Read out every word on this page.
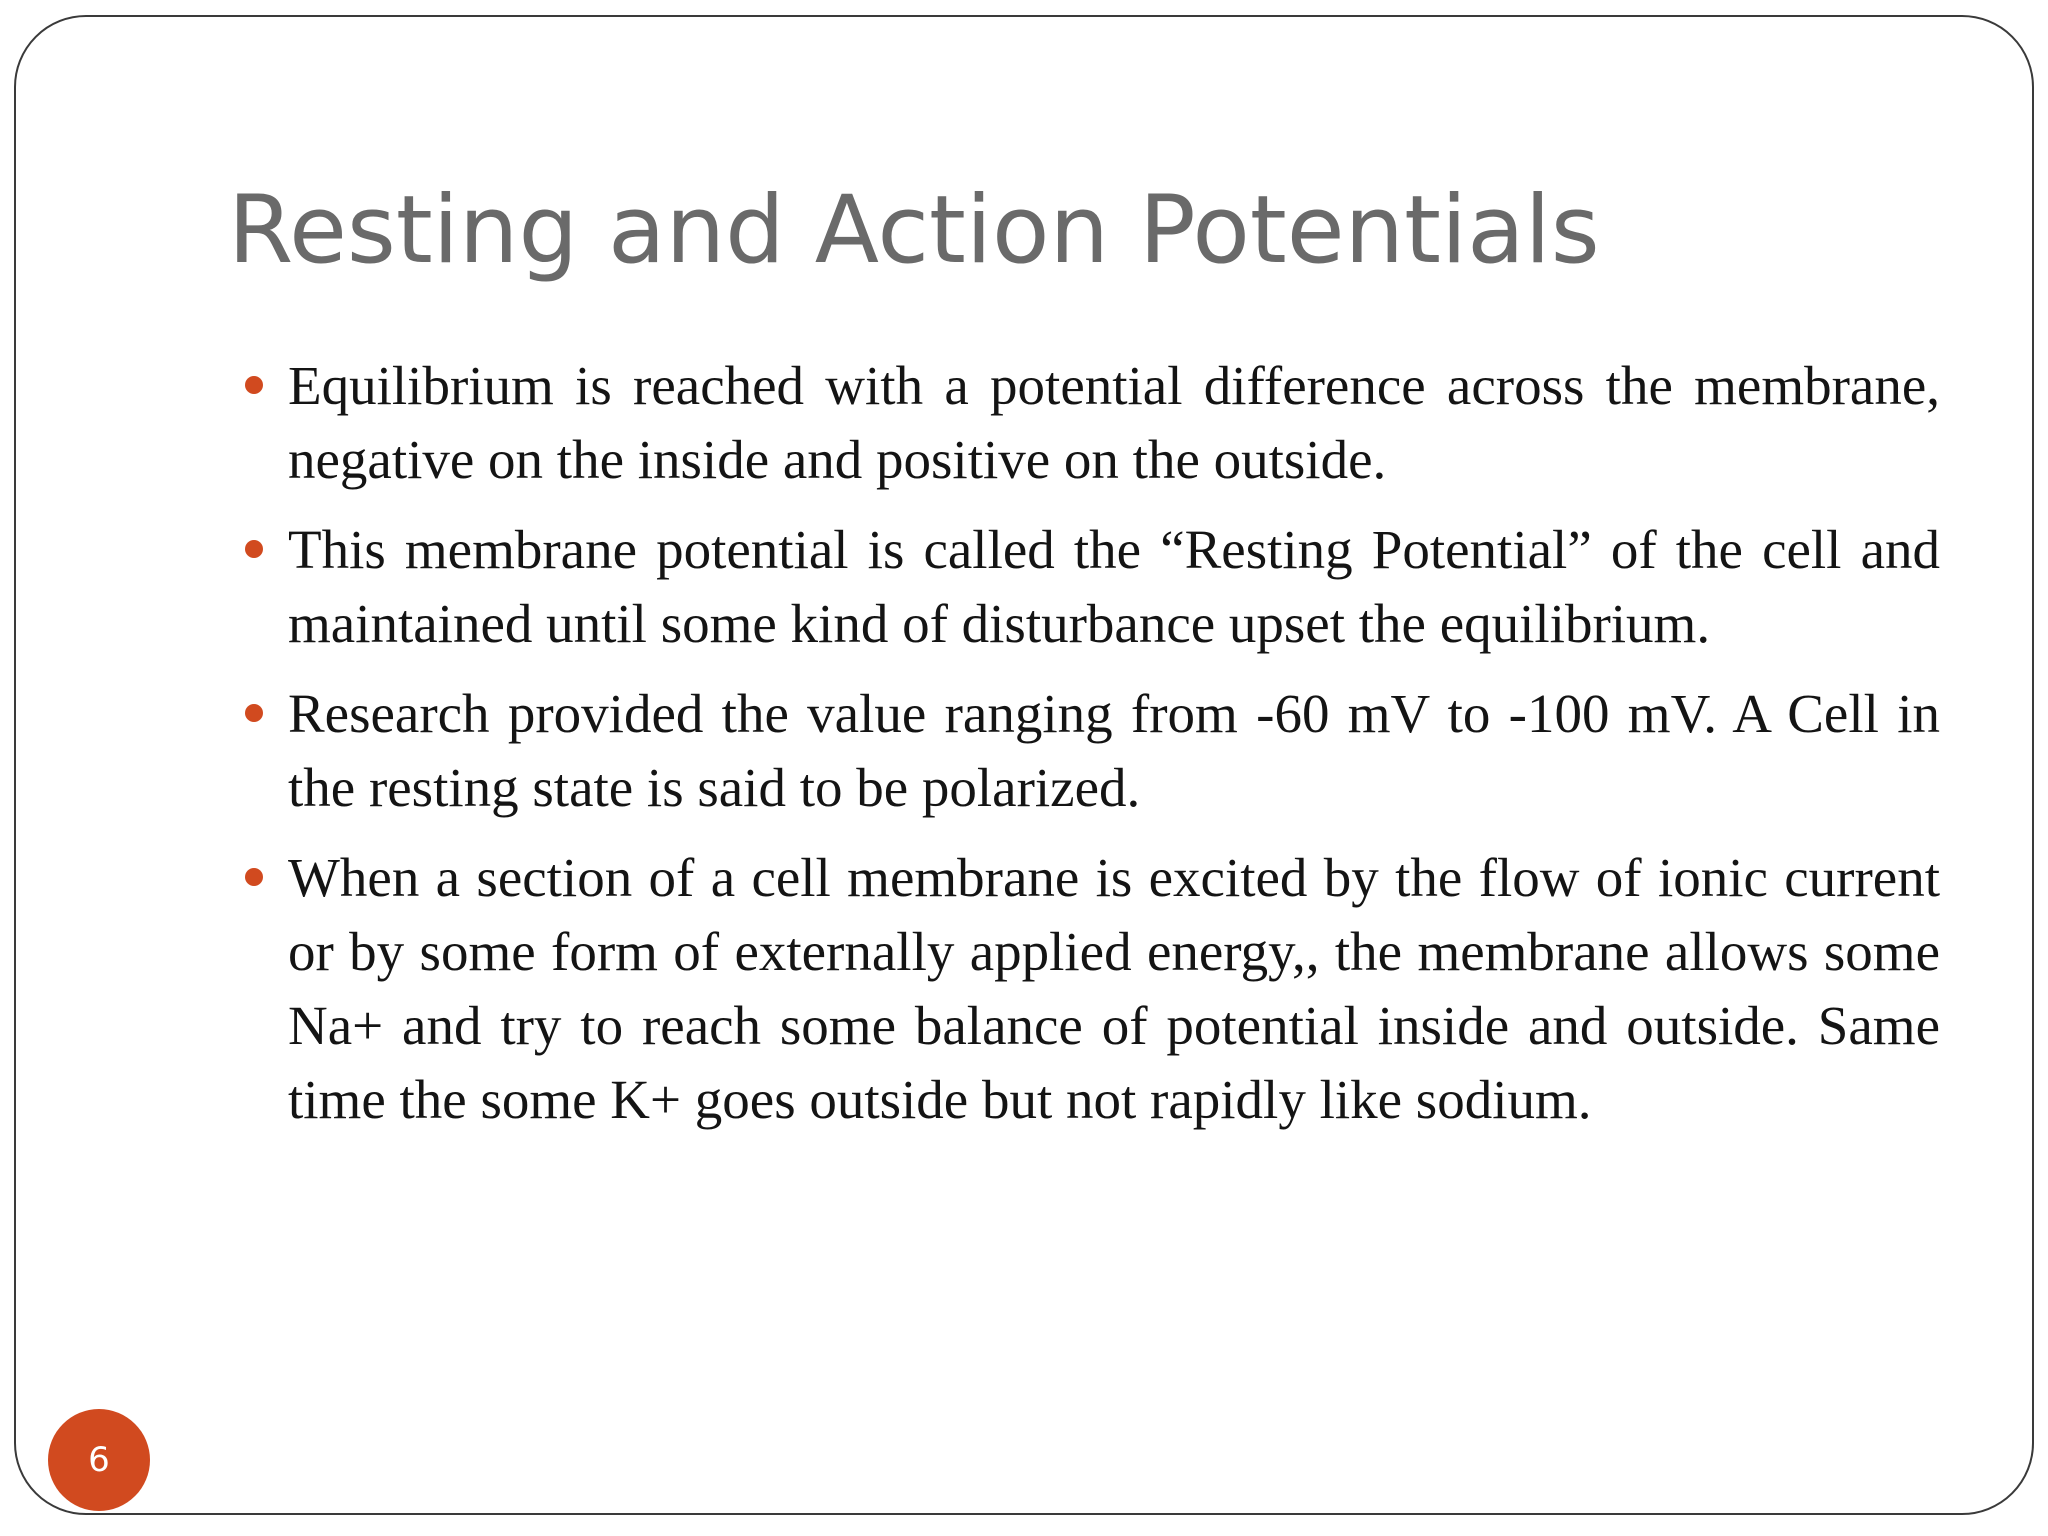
Resting and Action Potentials
Equilibrium is reached with a potential difference across the membrane, negative on the inside and positive on the outside.
This membrane potential is called the “Resting Potential” of the cell and maintained until some kind of disturbance upset the equilibrium.
Research provided the value ranging from -60 mV to -100 mV. A Cell in the resting state is said to be polarized.
When a section of a cell membrane is excited by the flow of ionic current or by some form of externally applied energy,, the membrane allows some Na+ and try to reach some balance of potential inside and outside. Same time the some K+ goes outside but not rapidly like sodium.
6
